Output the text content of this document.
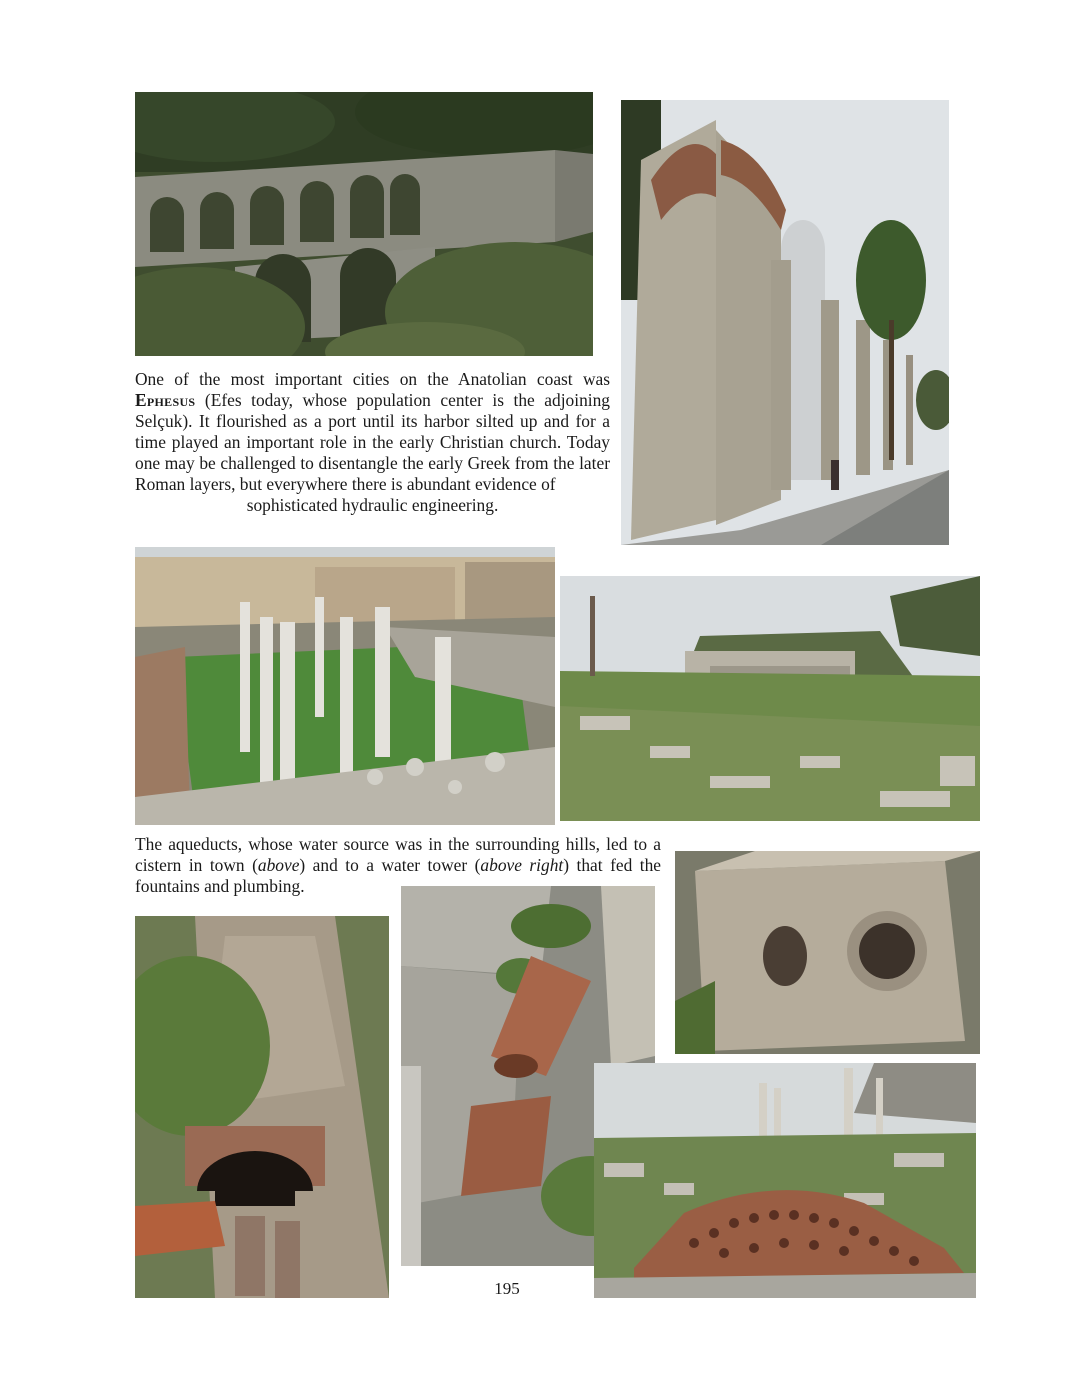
One of the most important cities on the Anatolian coast was Ephesus (Efes today, whose population center is the adjoining Selçuk). It flourished as a port until its harbor silted up and for a time played an important role in the early Christian church. Today one may be challenged to disentangle the early Greek from the later Roman layers, but everywhere there is abundant evidence of
sophisticated hydraulic engineering.

The aqueducts, whose water source was in the surrounding hills, led to a cistern in town (above) and to a water tower (above right) that fed the fountains and plumbing.

195
